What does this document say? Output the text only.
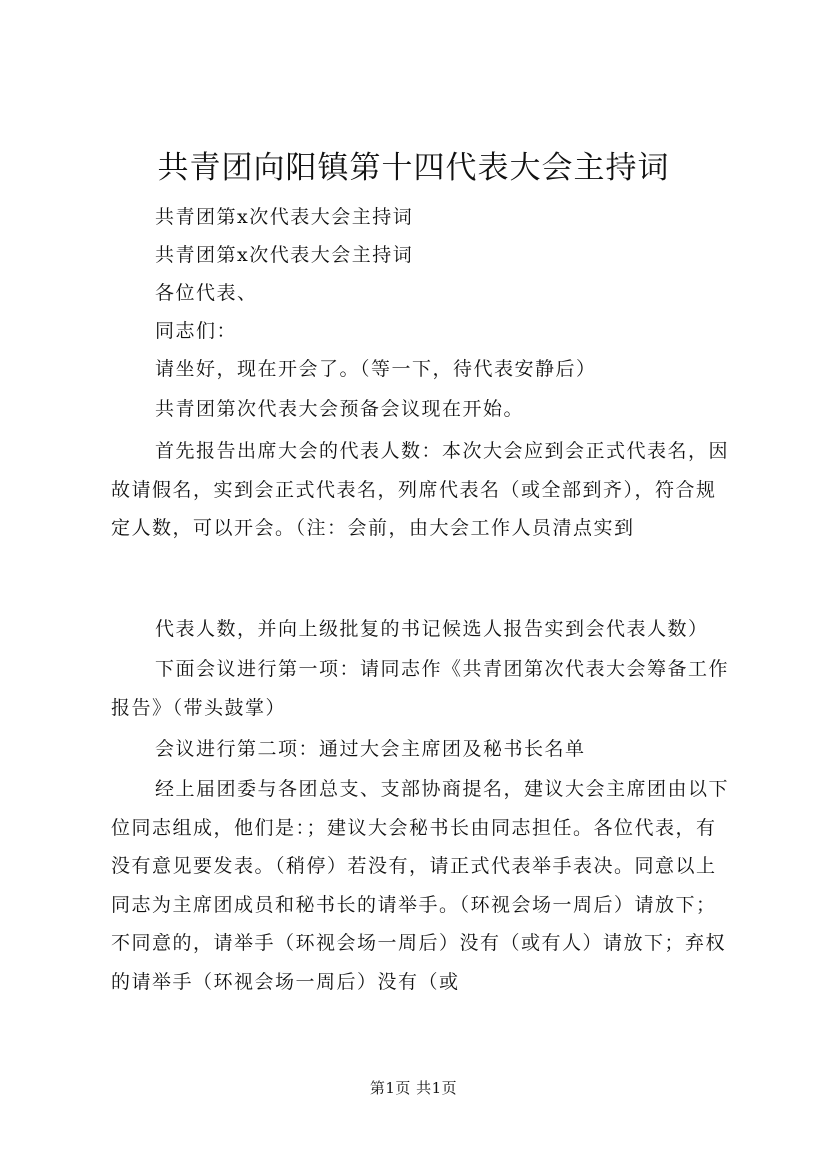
共青团向阳镇第十四代表大会主持词

共青团第x次代表大会主持词

共青团第x次代表大会主持词

各位代表、

同志们：

请坐好，现在开会了。（等一下，待代表安静后）

共青团第次代表大会预备会议现在开始。

首先报告出席大会的代表人数：本次大会应到会正式代表名，因故请假名，实到会正式代表名，列席代表名（或全部到齐），符合规定人数，可以开会。（注：会前，由大会工作人员清点实到

代表人数，并向上级批复的书记候选人报告实到会代表人数）

下面会议进行第一项：请同志作《共青团第次代表大会筹备工作报告》（带头鼓掌）

会议进行第二项：通过大会主席团及秘书长名单

经上届团委与各团总支、支部协商提名，建议大会主席团由以下位同志组成，他们是：；建议大会秘书长由同志担任。各位代表，有没有意见要发表。（稍停）若没有，请正式代表举手表决。同意以上同志为主席团成员和秘书长的请举手。（环视会场一周后）请放下；不同意的，请举手（环视会场一周后）没有（或有人）请放下；弃权的请举手（环视会场一周后）没有（或

第1页 共1页
